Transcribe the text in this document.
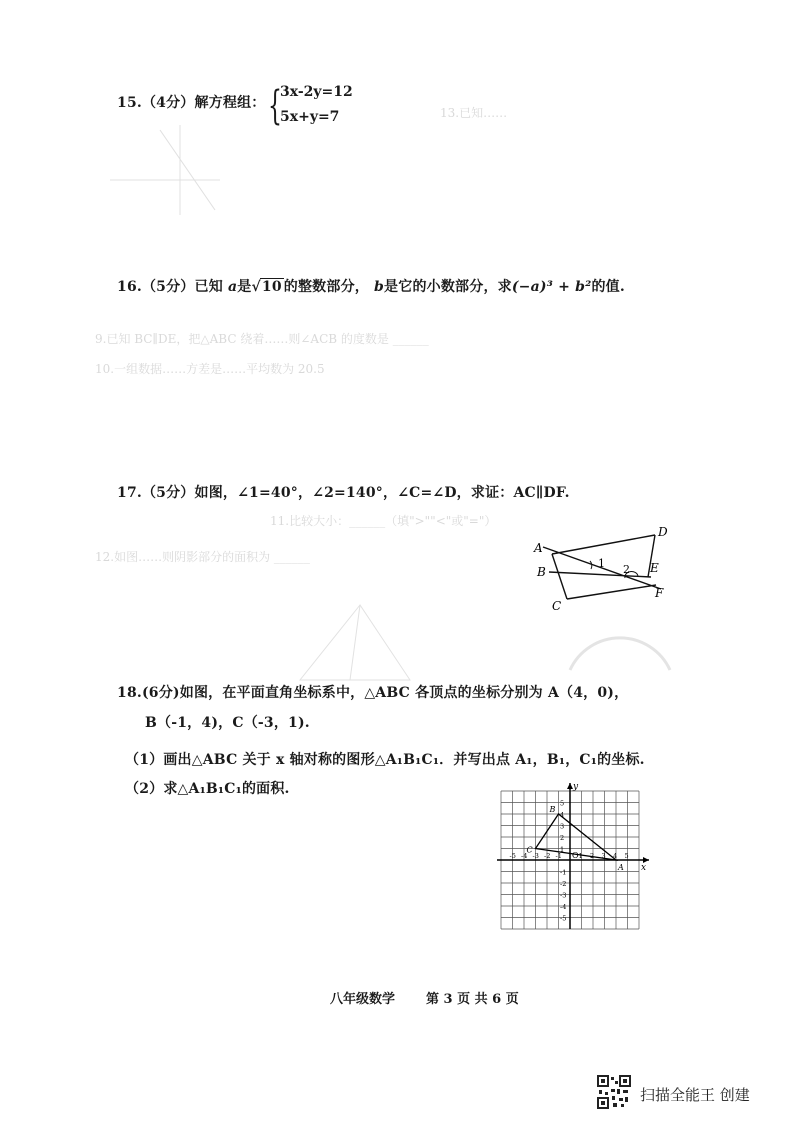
13.已知……
9.已知 BC∥DE，把△ABC 绕着……则∠ACB 的度数是 ______
10.一组数据……方差是……平均数为 20.5
11.比较大小：______（填">""<"或"="）
12.如图……则阴影部分的面积为 ______
15.（4分）解方程组： {
3x-2y=12
5x+y=7
16.（5分）已知 a是√10 的整数部分， b是它的小数部分，求(−a)³ + b²的值.
17.（5分）如图，∠1=40°，∠2=140°，∠C=∠D，求证：AC∥DF.
A
B
C
D
E
F
1 2
18.(6分)如图，在平面直角坐标系中，△ABC 各顶点的坐标分别为 A（4，0)，
B（-1，4)，C（-3，1).
（1）画出△ABC 关于 x 轴对称的图形△A₁B₁C₁．并写出点 A₁，B₁，C₁的坐标.
（2）求△A₁B₁C₁的面积.
x
y
O
-5 -4 -3 -2 -1	1 2 3 4 5
5
4
3
2
1
-1
-2
-3
-4
-5
A
B
C
八年级数学 第 3 页 共 6 页
扫描全能王 创建
